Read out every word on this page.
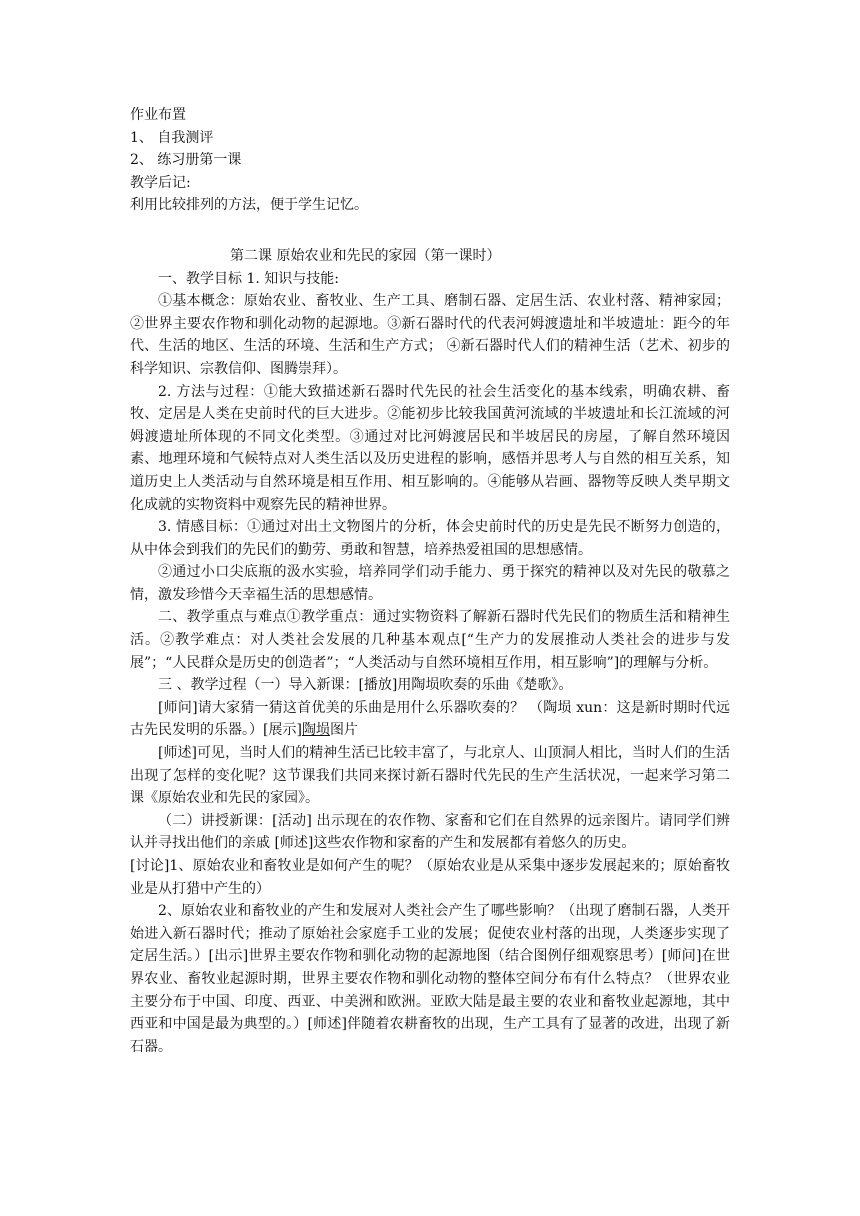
作业布置
1、 自我测评
2、 练习册第一课
教学后记:
利用比较排列的方法，便于学生记忆。
第二课 原始农业和先民的家园（第一课时）
一、教学目标 1. 知识与技能:
①基本概念：原始农业、畜牧业、生产工具、磨制石器、定居生活、农业村落、精神家园；②世界主要农作物和驯化动物的起源地。③新石器时代的代表河姆渡遗址和半坡遗址：距今的年代、生活的地区、生活的环境、生活和生产方式； ④新石器时代人们的精神生活（艺术、初步的科学知识、宗教信仰、图腾崇拜）。
2. 方法与过程：①能大致描述新石器时代先民的社会生活变化的基本线索，明确农耕、畜牧、定居是人类在史前时代的巨大进步。②能初步比较我国黄河流域的半坡遗址和长江流域的河姆渡遗址所体现的不同文化类型。③通过对比河姆渡居民和半坡居民的房屋，了解自然环境因素、地理环境和气候特点对人类生活以及历史进程的影响，感悟并思考人与自然的相互关系，知道历史上人类活动与自然环境是相互作用、相互影响的。④能够从岩画、器物等反映人类早期文化成就的实物资料中观察先民的精神世界。
3. 情感目标：①通过对出土文物图片的分析，体会史前时代的历史是先民不断努力创造的，从中体会到我们的先民们的勤劳、勇敢和智慧，培养热爱祖国的思想感情。
②通过小口尖底瓶的汲水实验，培养同学们动手能力、勇于探究的精神以及对先民的敬慕之情，激发珍惜今天幸福生活的思想感情。
二、教学重点与难点①教学重点：通过实物资料了解新石器时代先民们的物质生活和精神生活。②教学难点：对人类社会发展的几种基本观点[“生产力的发展推动人类社会的进步与发展”；“人民群众是历史的创造者”；“人类活动与自然环境相互作用，相互影响”]的理解与分析。
三 、教学过程（一）导入新课：[播放]用陶埙吹奏的乐曲《楚歌》。
[师问]请大家猜一猜这首优美的乐曲是用什么乐器吹奏的？ （陶埙 xun：这是新时期时代远古先民发明的乐器。）[展示]陶埙图片
[师述]可见，当时人们的精神生活已比较丰富了，与北京人、山顶洞人相比，当时人们的生活出现了怎样的变化呢？这节课我们共同来探讨新石器时代先民的生产生活状况，一起来学习第二课《原始农业和先民的家园》。
（二）讲授新课：[活动] 出示现在的农作物、家畜和它们在自然界的远亲图片。请同学们辨认并寻找出他们的亲戚 [师述]这些农作物和家畜的产生和发展都有着悠久的历史。
[讨论]1、原始农业和畜牧业是如何产生的呢？（原始农业是从采集中逐步发展起来的；原始畜牧业是从打猎中产生的）
2、原始农业和畜牧业的产生和发展对人类社会产生了哪些影响？（出现了磨制石器，人类开始进入新石器时代；推动了原始社会家庭手工业的发展；促使农业村落的出现，人类逐步实现了定居生活。）[出示]世界主要农作物和驯化动物的起源地图（结合图例仔细观察思考）[师问]在世界农业、畜牧业起源时期，世界主要农作物和驯化动物的整体空间分布有什么特点？（世界农业主要分布于中国、印度、西亚、中美洲和欧洲。亚欧大陆是最主要的农业和畜牧业起源地，其中西亚和中国是最为典型的。）[师述]伴随着农耕畜牧的出现，生产工具有了显著的改进，出现了新石器。
